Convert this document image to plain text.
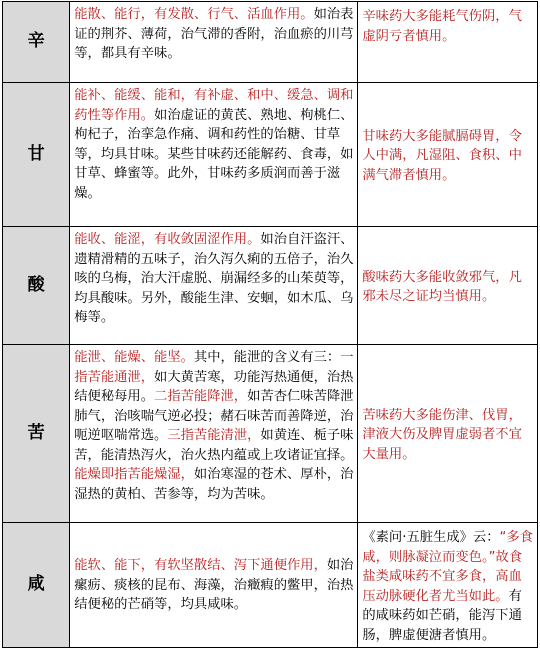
辛	能散、能行，有发散、行气、活血作用。如治表证的荆芥、薄荷，治气滞的香附，治血瘀的川芎等，都具有辛味。	辛味药大多能耗气伤阴，气虚阴亏者慎用。
甘	能补、能缓、能和，有补虚、和中、缓急、调和药性等作用。如治虚证的黄芪、熟地、枸桃仁、枸杞子，治挛急作痛、调和药性的饴糖、甘草等，均具甘味。某些甘味药还能解药、食毒，如甘草、蜂蜜等。此外，甘味药多质润而善于滋燥。	甘味药大多能腻膈碍胃，令人中满，凡湿阻、食积、中满气滞者慎用。
酸	能收、能涩，有收敛固涩作用。如治自汗盗汗、遗精滑精的五味子，治久泻久痢的五倍子，治久咳的乌梅，治大汗虚脱、崩漏经多的山茱萸等，均具酸味。另外，酸能生津、安蛔，如木瓜、乌梅等。	酸味药大多能收敛邪气，凡邪未尽之证均当慎用。
苦	能泄、能燥、能坚。其中，能泄的含义有三：一指苦能通泄，如大黄苦寒，功能泻热通便，治热结便秘每用。二指苦能降泄，如苦杏仁味苦降泄肺气，治咳喘气逆必投；赭石味苦而善降逆，治呃逆呕喘常选。三指苦能清泄，如黄连、栀子味苦，能清热泻火，治火热内蕴或上攻诸证宜择。能燥即指苦能燥湿，如治寒湿的苍术、厚朴，治湿热的黄柏、苦参等，均为苦味。	苦味药大多能伤津、伐胃，津液大伤及脾胃虚弱者不宜大量用。
咸	能软、能下，有软坚散结、泻下通便作用，如治瘰疬、痰核的昆布、海藻，治癥瘕的鳖甲，治热结便秘的芒硝等，均具咸味。	《素问·五脏生成》云：“多食咸，则脉凝泣而变色。”故食盐类咸味药不宜多食，高血压动脉硬化者尤当如此。有的咸味药如芒硝，能泻下通肠，脾虚便溏者慎用。
